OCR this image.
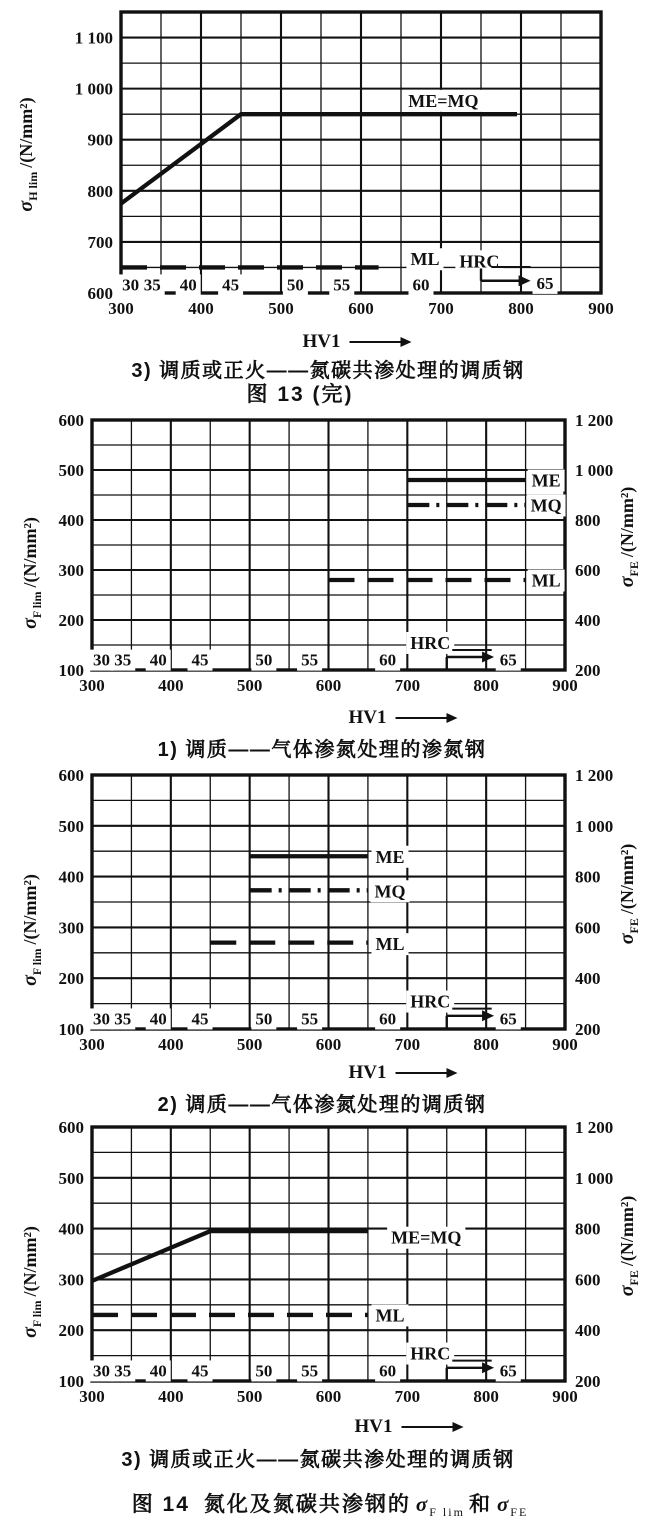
ME=MQ
ML HRC
30 35 40 45	50 55	60	65
300	400	500	600	700	800	900
600
700
800
900
1 000
1 100
$\sigma_{H lim}/(N/mm^2)$
ME
MQ
ML
HRC
30 35 40 45	50 55	60	65
300	400	500	600	700	800	900
100
200
300
400
500
600
200
400
600
800
1 000
1 200
$\sigma_{F lim}/(N/mm^2)$	$\sigma_{FE}/(N/mm^2)$
ME
MQ
ML
HRC
30 35 40 45	50 55	60	65
300	400	500	600	700	800	900
100
200
300
400
500
600
200
400
600
800
1 000
1 200
$\sigma_{F lim}/(N/mm^2)$	$\sigma_{FE}/(N/mm^2)$
ME=MQ
ML
HRC
30 35 40 45	50 55	60	65
300	400	500	600	700	800	900
100
200
300
400
500
600
200
400
600
800
1 000
1 200
$\sigma_{F lim}/(N/mm^2)$	$\sigma_{FE}/(N/mm^2)$
HV1
3) 调质或正火——氮碳共渗处理的调质钢
图 13 (完)
HV1
1) 调质——气体渗氮处理的渗氮钢
HV1
2) 调质——气体渗氮处理的调质钢
HV1
3) 调质或正火——氮碳共渗处理的调质钢
图 14 氮化及氮碳共渗钢的 $\sigma_{F lim}$ 和 $\sigma_{FE}$
